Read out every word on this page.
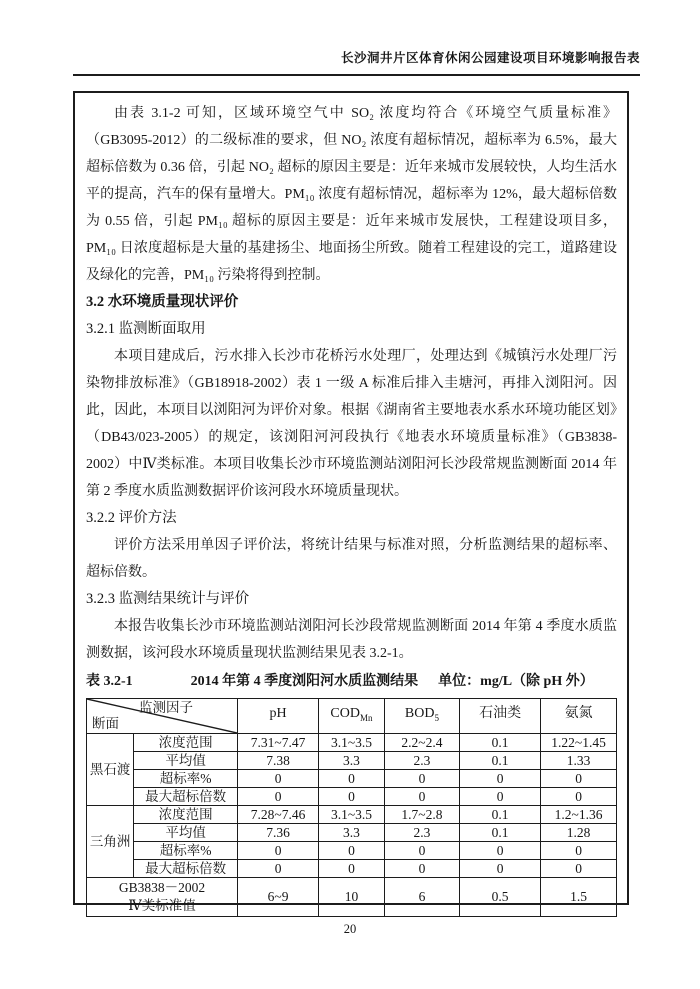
长沙洞井片区体育休闲公园建设项目环境影响报告表

由表 3.1-2 可知，区域环境空气中 SO₂ 浓度均符合《环境空气质量标准》（GB3095-2012）的二级标准的要求，但 NO₂ 浓度有超标情况，超标率为 6.5%，最大超标倍数为 0.36 倍，引起 NO₂ 超标的原因主要是：近年来城市发展较快，人均生活水平的提高，汽车的保有量增大。PM₁₀ 浓度有超标情况，超标率为 12%，最大超标倍数为 0.55 倍，引起 PM₁₀ 超标的原因主要是：近年来城市发展快，工程建设项目多，PM₁₀ 日浓度超标是大量的基建扬尘、地面扬尘所致。随着工程建设的完工，道路建设及绿化的完善，PM₁₀ 污染将得到控制。

3.2 水环境质量现状评价
3.2.1 监测断面取用

本项目建成后，污水排入长沙市花桥污水处理厂，处理达到《城镇污水处理厂污染物排放标准》（GB18918-2002）表 1 一级 A 标准后排入圭塘河，再排入浏阳河。因此，因此，本项目以浏阳河为评价对象。根据《湖南省主要地表水系水环境功能区划》（DB43/023-2005）的规定，该浏阳河河段执行《地表水环境质量标准》（GB3838-2002）中Ⅳ类标准。本项目收集长沙市环境监测站浏阳河长沙段常规监测断面 2014 年第 2 季度水质监测数据评价该河段水环境质量现状。

3.2.2 评价方法

评价方法采用单因子评价法，将统计结果与标准对照，分析监测结果的超标率、超标倍数。

3.2.3 监测结果统计与评价

本报告收集长沙市环境监测站浏阳河长沙段常规监测断面 2014 年第 4 季度水质监测数据，该河段水环境质量现状监测结果见表 3.2-1。

表 3.2-1	2014 年第 4 季度浏阳河水质监测结果 单位：mg/L（除 pH 外）
监测因子
断面		pH	$COD_{Mn}$	$BOD_5$	石油类	氨氮
黑石渡	浓度范围	7.31~7.47	3.1~3.5	2.2~2.4	0.1	1.22~1.45
	平均值	7.38	3.3	2.3	0.1	1.33
	超标率%	0	0	0	0	0
	最大超标倍数	0	0	0	0	0
三角洲	浓度范围	7.28~7.46	3.1~3.5	1.7~2.8	0.1	1.2~1.36
	平均值	7.36	3.3	2.3	0.1	1.28
	超标率%	0	0	0	0	0
	最大超标倍数	0	0	0	0	0

GB3838－2002
Ⅳ类标准值		6~9	10	6	0.5	1.5
20
